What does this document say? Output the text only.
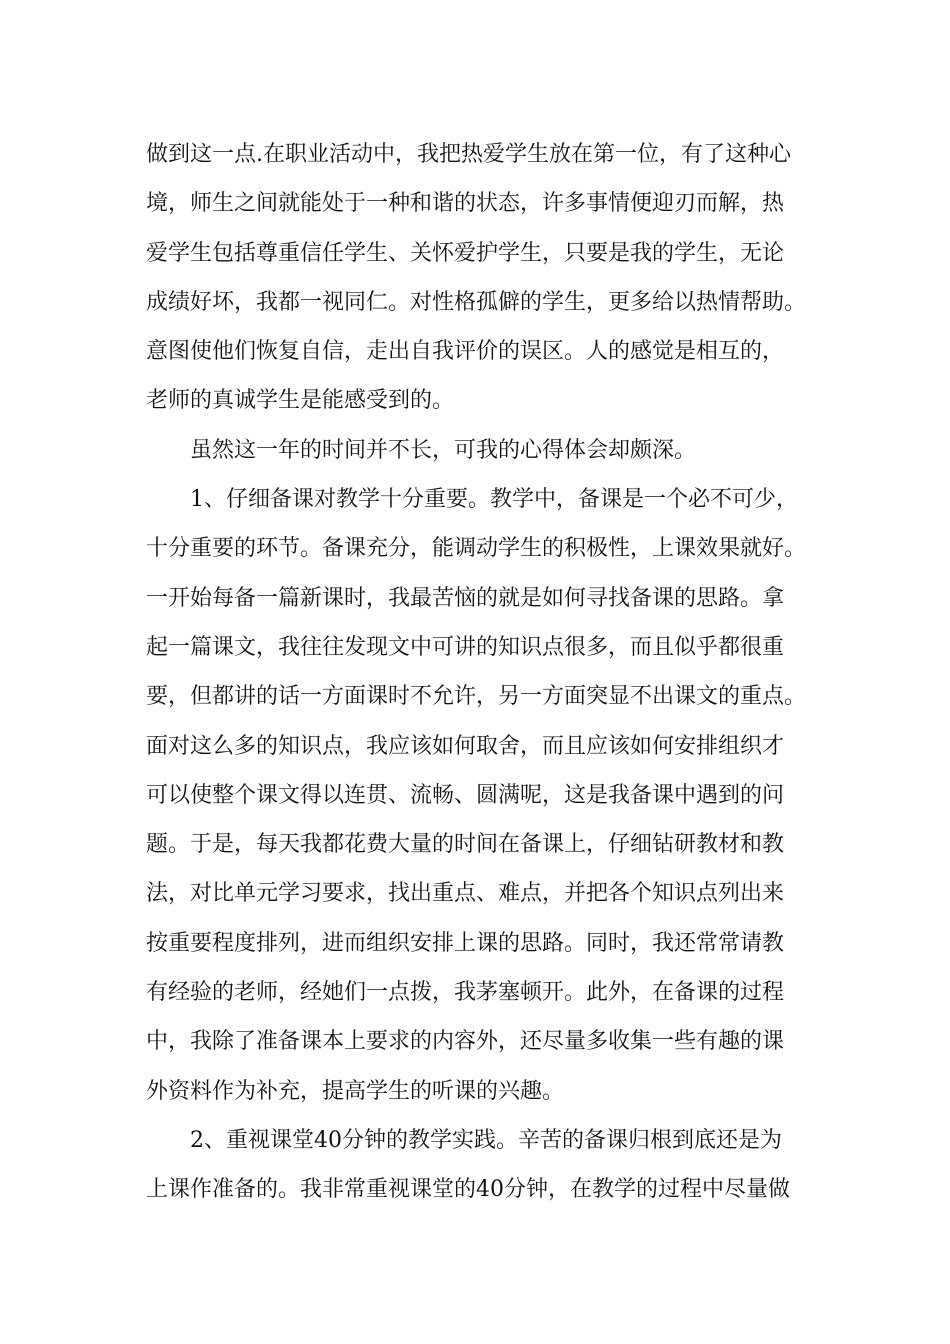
做到这一点.在职业活动中，我把热爱学生放在第一位，有了这种心
境，师生之间就能处于一种和谐的状态，许多事情便迎刃而解，热
爱学生包括尊重信任学生、关怀爱护学生，只要是我的学生，无论
成绩好坏，我都一视同仁。对性格孤僻的学生，更多给以热情帮助。
意图使他们恢复自信，走出自我评价的误区。人的感觉是相互的，
老师的真诚学生是能感受到的。
虽然这一年的时间并不长，可我的心得体会却颇深。
1、仔细备课对教学十分重要。教学中，备课是一个必不可少，
十分重要的环节。备课充分，能调动学生的积极性，上课效果就好。
一开始每备一篇新课时，我最苦恼的就是如何寻找备课的思路。拿
起一篇课文，我往往发现文中可讲的知识点很多，而且似乎都很重
要，但都讲的话一方面课时不允许，另一方面突显不出课文的重点。
面对这么多的知识点，我应该如何取舍，而且应该如何安排组织才
可以使整个课文得以连贯、流畅、圆满呢，这是我备课中遇到的问
题。于是，每天我都花费大量的时间在备课上，仔细钻研教材和教
法，对比单元学习要求，找出重点、难点，并把各个知识点列出来
按重要程度排列，进而组织安排上课的思路。同时，我还常常请教
有经验的老师，经她们一点拨，我茅塞顿开。此外，在备课的过程
中，我除了准备课本上要求的内容外，还尽量多收集一些有趣的课
外资料作为补充，提高学生的听课的兴趣。
2、重视课堂40分钟的教学实践。辛苦的备课归根到底还是为
上课作准备的。我非常重视课堂的40分钟，在教学的过程中尽量做
